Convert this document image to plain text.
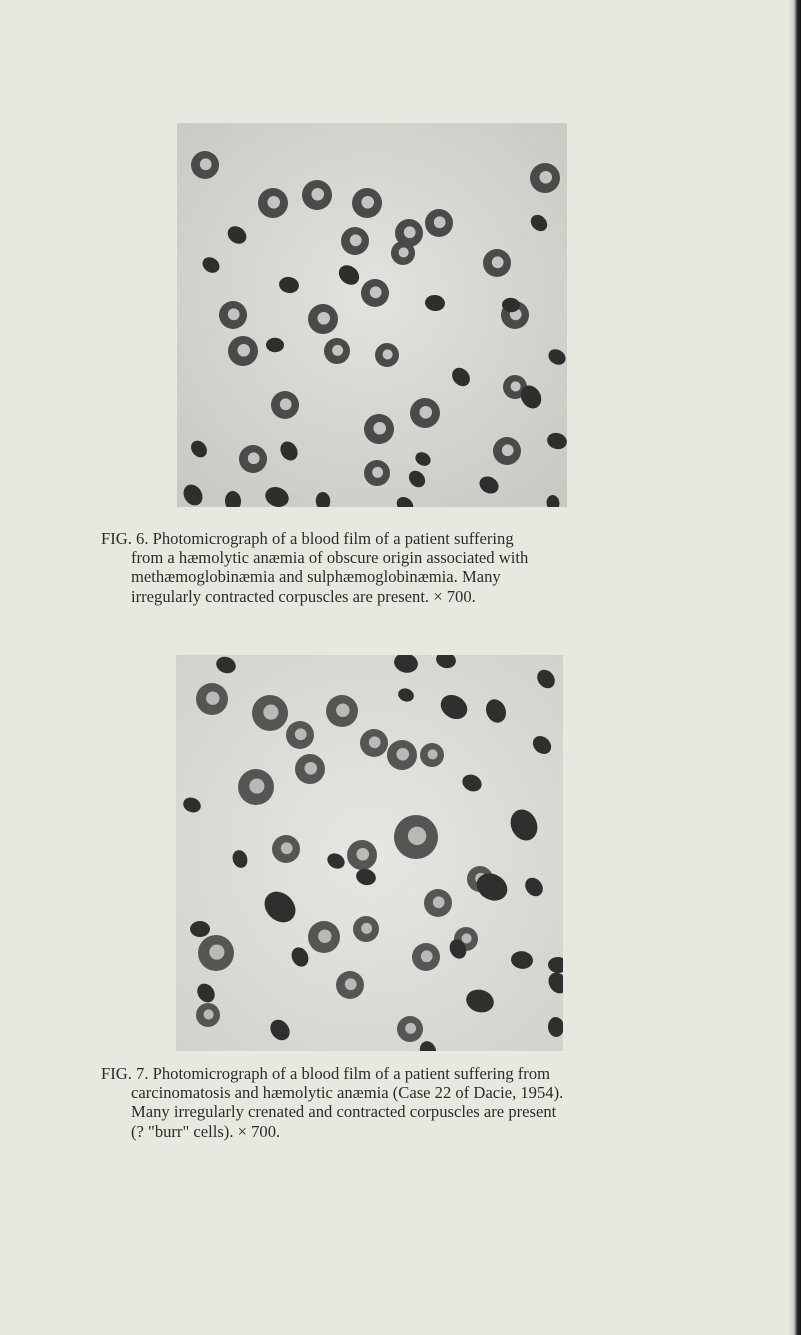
FIG. 6. Photomicrograph of a blood film of a patient suffering
from a hæmolytic anæmia of obscure origin associated with
methæmoglobinæmia and sulphæmoglobinæmia. Many
irregularly contracted corpuscles are present. × 700.
FIG. 7. Photomicrograph of a blood film of a patient suffering from
carcinomatosis and hæmolytic anæmia (Case 22 of Dacie, 1954).
Many irregularly crenated and contracted corpuscles are present
(? "burr" cells). × 700.
